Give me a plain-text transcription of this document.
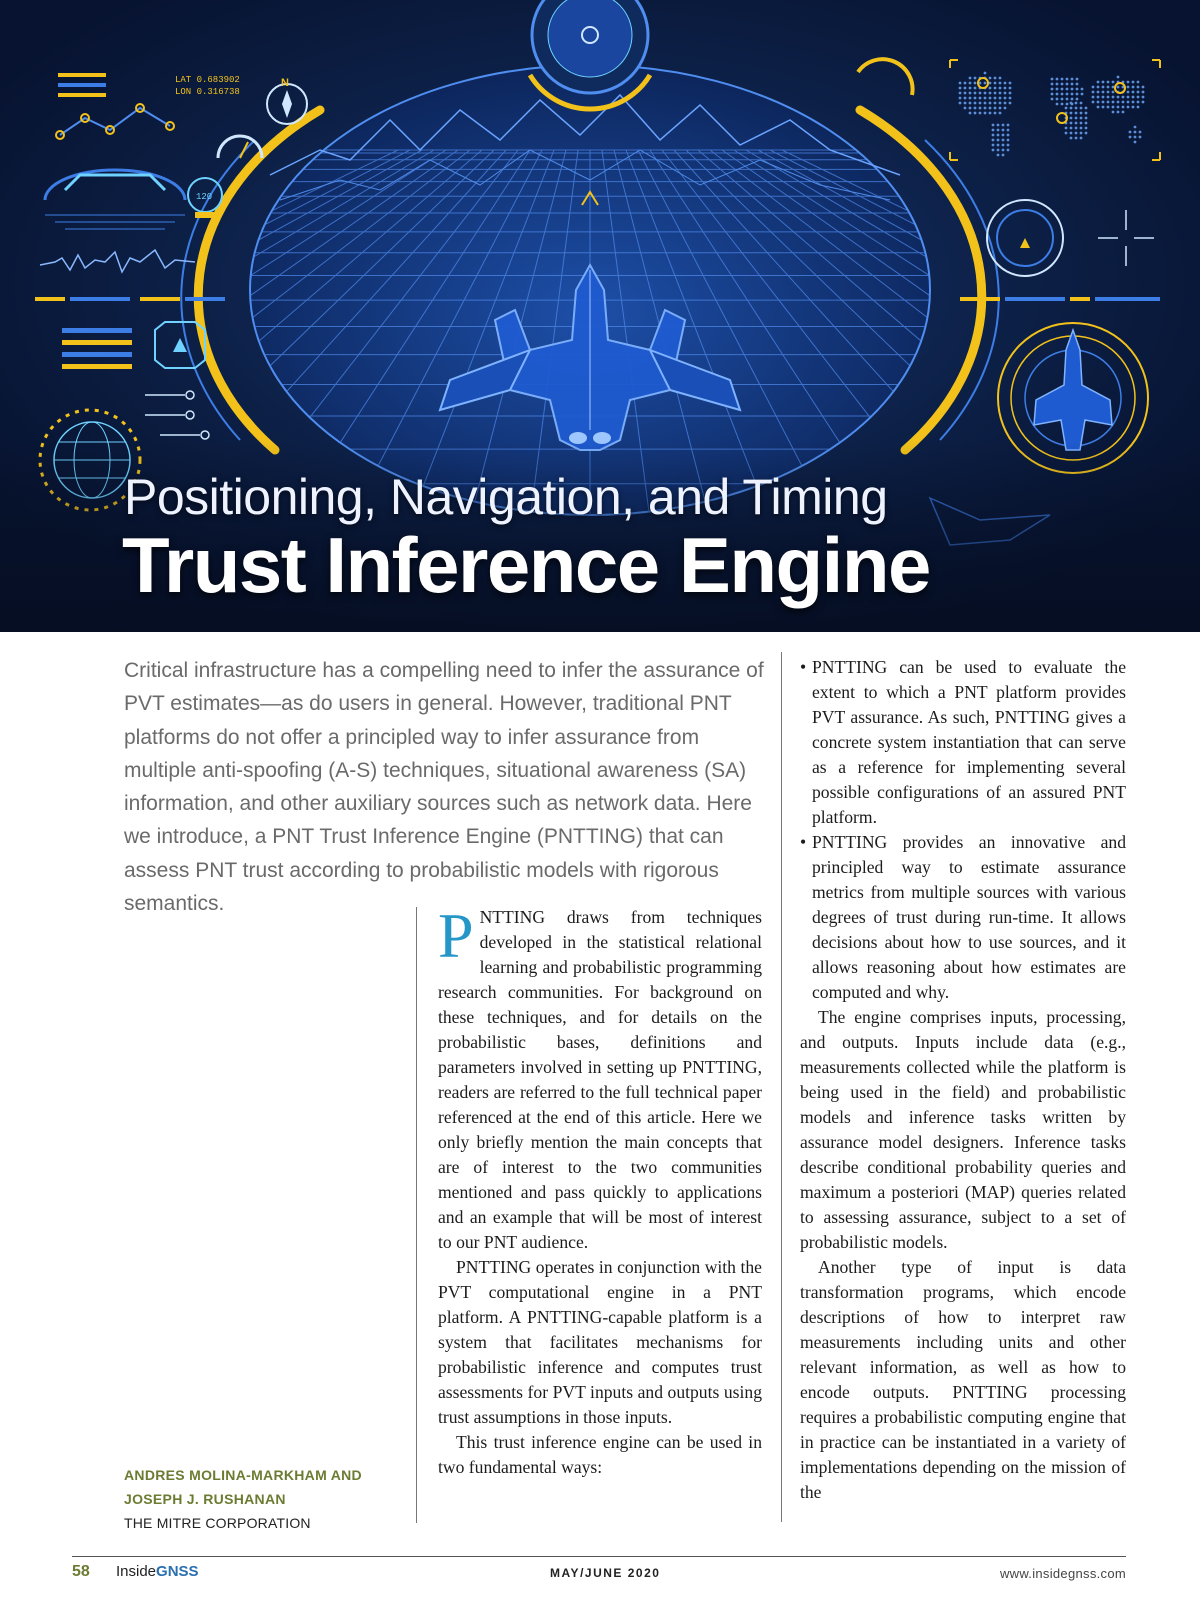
LAT 0.683902
LON 0.316738
N
120
Positioning, Navigation, and Timing
Trust Inference Engine
Critical infrastructure has a compelling need to infer the assurance of PVT estimates—as do users in general. However, traditional PNT platforms do not offer a principled way to infer assurance from multiple anti-spoofing (A-S) techniques, situational awareness (SA) information, and other auxiliary sources such as network data. Here we introduce, a PNT Trust Inference Engine (PNTTING) that can assess PNT trust according to probabilistic models with rigorous semantics.	PNTTING draws from techniques developed in the statistical relational learning and probabilistic programming research communities. For background on these techniques, and for details on the probabilistic bases, definitions and parameters involved in setting up PNTTING, readers are referred to the full technical paper referenced at the end of this article. Here we only briefly mention the main concepts that are of interest to the two communities mentioned and pass quickly to applications and an example that will be most of interest to our PNT audience.

PNTTING operates in conjunction with the PVT computational engine in a PNT platform. A PNTTING-capable platform is a system that facilitates mechanisms for probabilistic inference and computes trust assessments for PVT inputs and outputs using trust assumptions in those inputs.

This trust inference engine can be used in two fundamental ways:

• PNTTING can be used to evaluate the extent to which a PNT platform provides PVT assurance. As such, PNTTING gives a concrete system instantiation that can serve as a reference for implementing several possible configurations of an assured PNT platform.

• PNTTING provides an innovative and principled way to estimate assurance metrics from multiple sources with various degrees of trust during run-time. It allows decisions about how to use sources, and it allows reasoning about how estimates are computed and why.

The engine comprises inputs, processing, and outputs. Inputs include data (e.g., measurements collected while the platform is being used in the field) and probabilistic models and inference tasks written by assurance model designers. Inference tasks describe conditional probability queries and maximum a posteriori (MAP) queries related to assessing assurance, subject to a set of probabilistic models.

Another type of input is data transformation programs, which encode descriptions of how to interpret raw measurements including units and other relevant information, as well as how to encode outputs. PNTTING processing requires a probabilistic computing engine that in practice can be instantiated in a variety of implementations depending on the mission of the

ANDRES MOLINA-MARKHAM AND
JOSEPH J. RUSHANAN
THE MITRE CORPORATION
58 InsideGNSS	MAY/JUNE 2020	www.insidegnss.com
